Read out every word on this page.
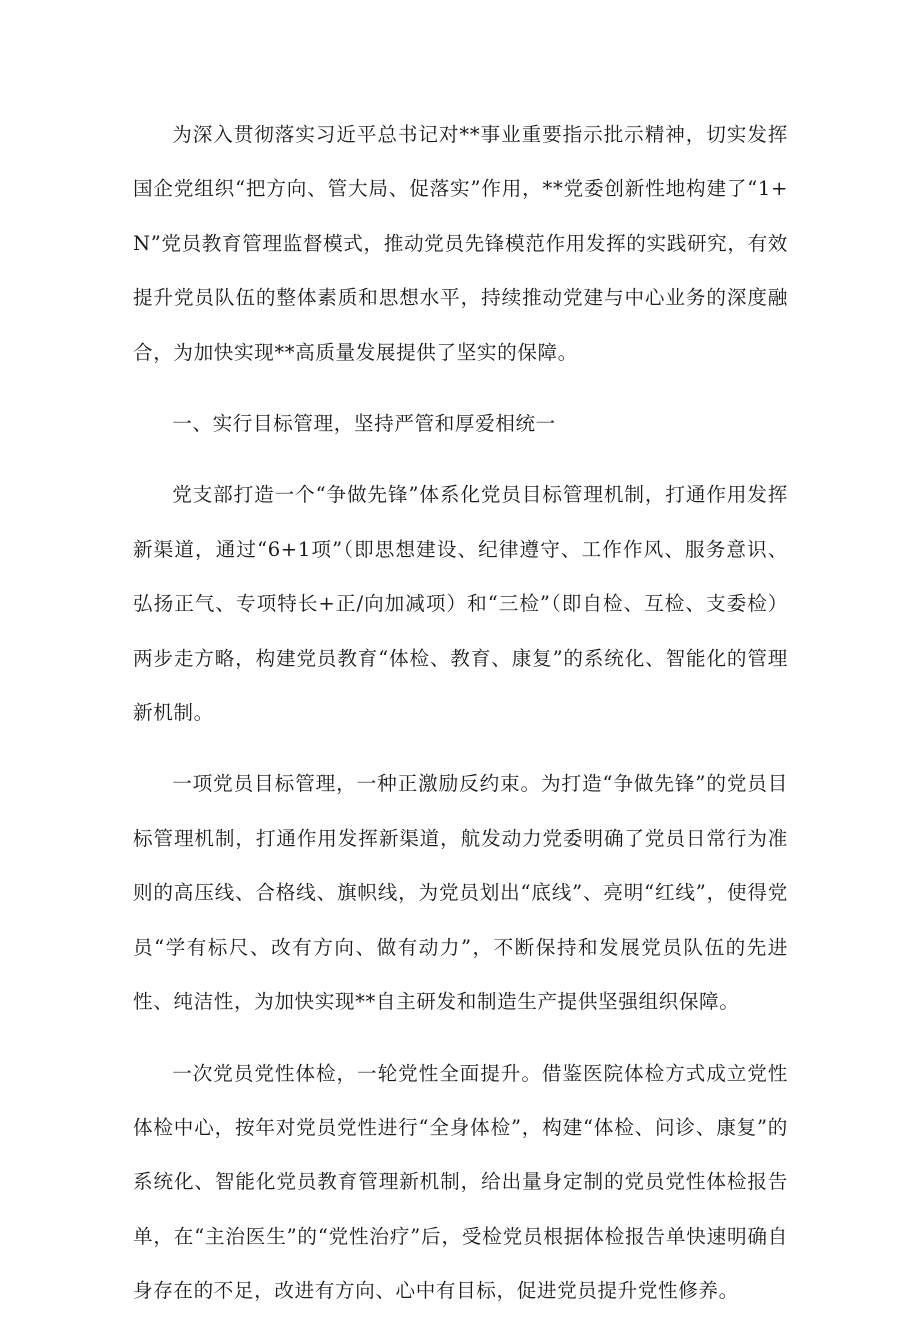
为深入贯彻落实习近平总书记对**事业重要指示批示精神，切实发挥国企党组织“把方向、管大局、促落实”作用，**党委创新性地构建了“1+N”党员教育管理监督模式，推动党员先锋模范作用发挥的实践研究，有效提升党员队伍的整体素质和思想水平，持续推动党建与中心业务的深度融合，为加快实现**高质量发展提供了坚实的保障。

一、实行目标管理，坚持严管和厚爱相统一

党支部打造一个“争做先锋”体系化党员目标管理机制，打通作用发挥新渠道，通过“6+1项”（即思想建设、纪律遵守、工作作风、服务意识、弘扬正气、专项特长+正/向加减项）和“三检”（即自检、互检、支委检）两步走方略，构建党员教育“体检、教育、康复”的系统化、智能化的管理新机制。

一项党员目标管理，一种正激励反约束。为打造“争做先锋”的党员目标管理机制，打通作用发挥新渠道，航发动力党委明确了党员日常行为准则的高压线、合格线、旗帜线，为党员划出“底线”、亮明“红线”，使得党员“学有标尺、改有方向、做有动力”，不断保持和发展党员队伍的先进性、纯洁性，为加快实现**自主研发和制造生产提供坚强组织保障。

一次党员党性体检，一轮党性全面提升。借鉴医院体检方式成立党性体检中心，按年对党员党性进行“全身体检”，构建“体检、问诊、康复”的系统化、智能化党员教育管理新机制，给出量身定制的党员党性体检报告单，在“主治医生”的“党性治疗”后，受检党员根据体检报告单快速明确自身存在的不足，改进有方向、心中有目标，促进党员提升党性修养。
